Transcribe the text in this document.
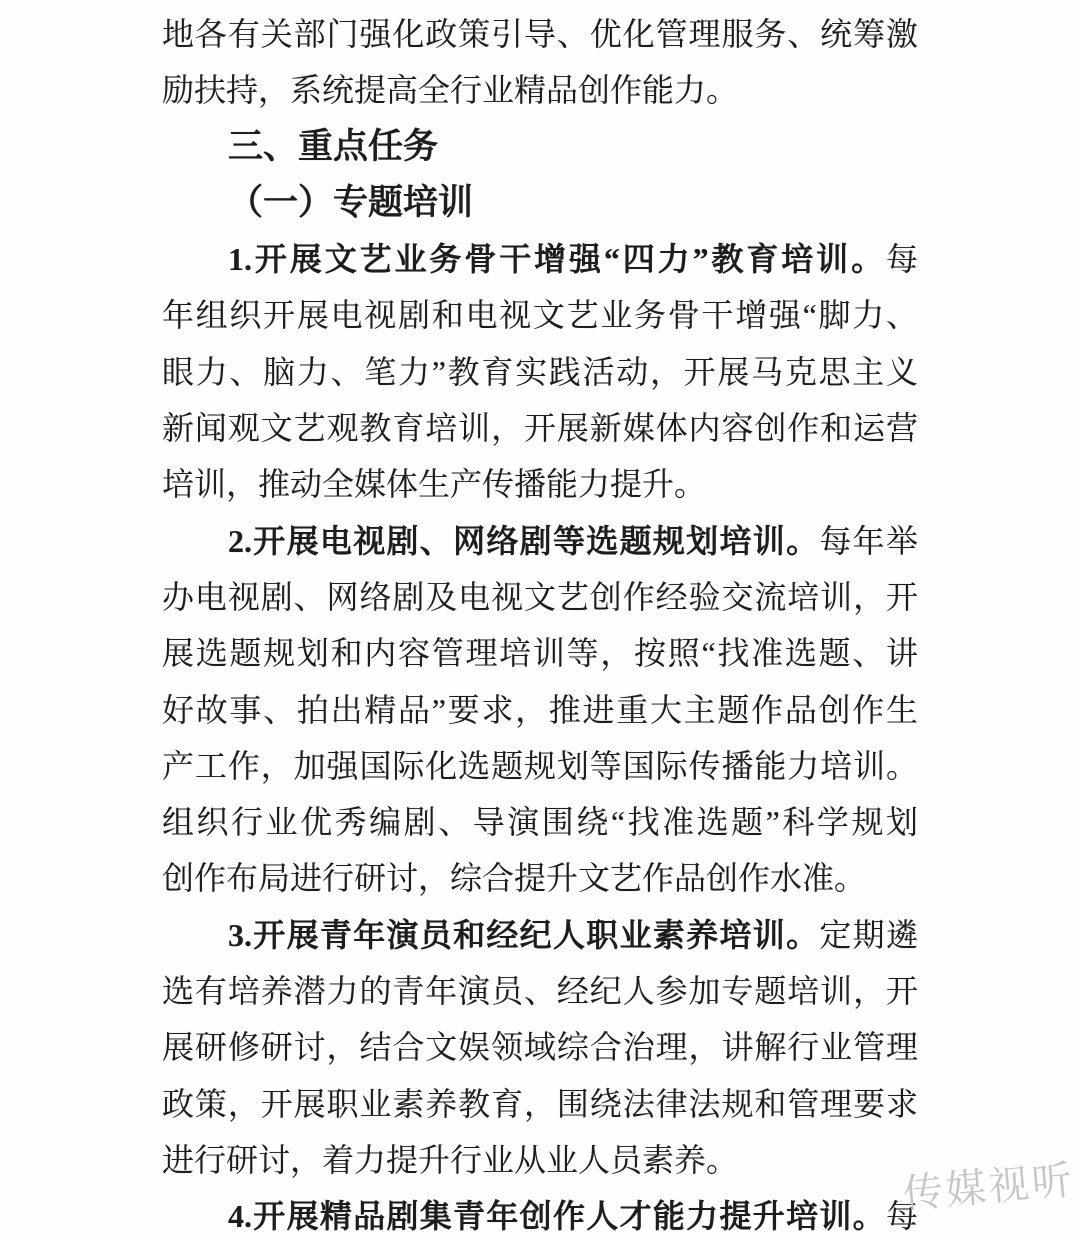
地各有关部门强化政策引导、优化管理服务、统筹激
励扶持，系统提高全行业精品创作能力。
三、重点任务
（一）专题培训
1.开展文艺业务骨干增强“四力”教育培训。每
年组织开展电视剧和电视文艺业务骨干增强“脚力、
眼力、脑力、笔力”教育实践活动，开展马克思主义
新闻观文艺观教育培训，开展新媒体内容创作和运营
培训，推动全媒体生产传播能力提升。
2.开展电视剧、网络剧等选题规划培训。每年举
办电视剧、网络剧及电视文艺创作经验交流培训，开
展选题规划和内容管理培训等，按照“找准选题、讲
好故事、拍出精品”要求，推进重大主题作品创作生
产工作，加强国际化选题规划等国际传播能力培训。
组织行业优秀编剧、导演围绕“找准选题”科学规划
创作布局进行研讨，综合提升文艺作品创作水准。
3.开展青年演员和经纪人职业素养培训。定期遴
选有培养潜力的青年演员、经纪人参加专题培训，开
展研修研讨，结合文娱领域综合治理，讲解行业管理
政策，开展职业素养教育，围绕法律法规和管理要求
进行研讨，着力提升行业从业人员素养。
4.开展精品剧集青年创作人才能力提升培训。每
传媒视听
